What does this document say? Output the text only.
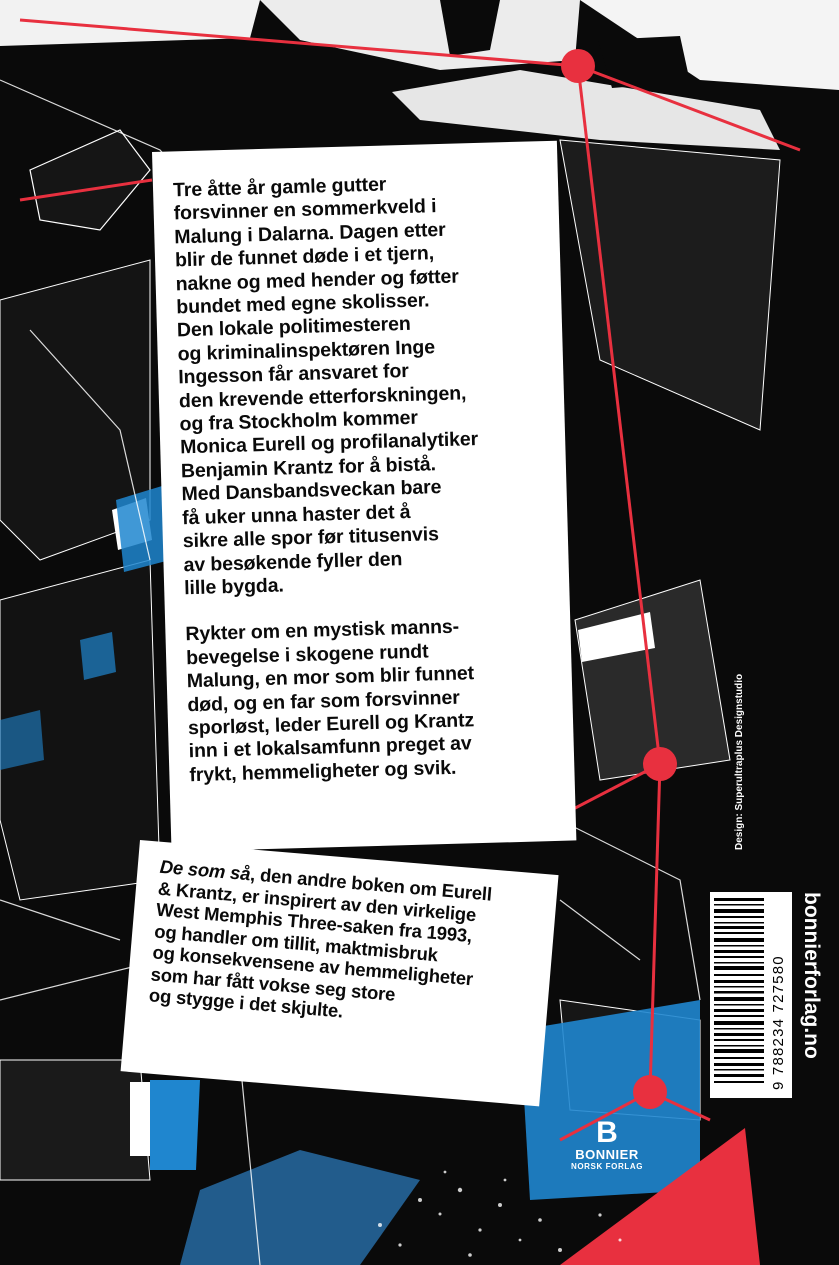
Tre åtte år gamle gutter
forsvinner en sommerkveld i
Malung i Dalarna. Dagen etter
blir de funnet døde i et tjern,
nakne og med hender og føtter
bundet med egne skolisser.
Den lokale politimesteren
og kriminalinspektøren Inge
Ingesson får ansvaret for
den krevende etterforskningen,
og fra Stockholm kommer
Monica Eurell og profilanalytiker
Benjamin Krantz for å bistå.
Med Dansbandsveckan bare
få uker unna haster det å
sikre alle spor før titusenvis
av besøkende fyller den
lille bygda.

Rykter om en mystisk manns-
bevegelse i skogene rundt
Malung, en mor som blir funnet
død, og en far som forsvinner
sporløst, leder Eurell og Krantz
inn i et lokalsamfunn preget av
frykt, hemmeligheter og svik.

De som så, den andre boken om Eurell
& Krantz, er inspirert av den virkelige
West Memphis Three-saken fra 1993,
og handler om tillit, maktmisbruk
og konsekvensene av hemmeligheter
som har fått vokse seg store
og stygge i det skjulte.

Design: Superultraplus Designstudio
9 788234 727580 bonnierforlag.no
B
BONNIER
NORSK FORLAG
